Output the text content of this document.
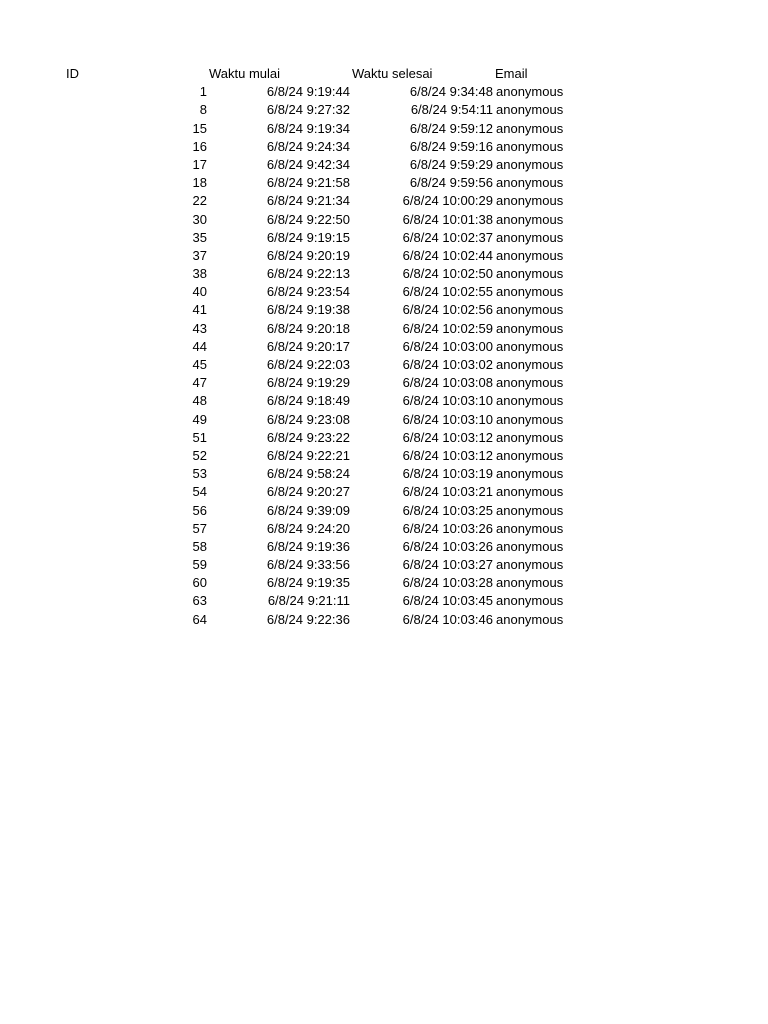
ID	Waktu mulai	Waktu selesai	Email
1	6/8/24 9:19:44	6/8/24 9:34:48 anonymous
8	6/8/24 9:27:32	6/8/24 9:54:11 anonymous
15	6/8/24 9:19:34	6/8/24 9:59:12 anonymous
16	6/8/24 9:24:34	6/8/24 9:59:16 anonymous
17	6/8/24 9:42:34	6/8/24 9:59:29 anonymous
18	6/8/24 9:21:58	6/8/24 9:59:56 anonymous
22	6/8/24 9:21:34	6/8/24 10:00:29 anonymous
30	6/8/24 9:22:50	6/8/24 10:01:38 anonymous
35	6/8/24 9:19:15	6/8/24 10:02:37 anonymous
37	6/8/24 9:20:19	6/8/24 10:02:44 anonymous
38	6/8/24 9:22:13	6/8/24 10:02:50 anonymous
40	6/8/24 9:23:54	6/8/24 10:02:55 anonymous
41	6/8/24 9:19:38	6/8/24 10:02:56 anonymous
43	6/8/24 9:20:18	6/8/24 10:02:59 anonymous
44	6/8/24 9:20:17	6/8/24 10:03:00 anonymous
45	6/8/24 9:22:03	6/8/24 10:03:02 anonymous
47	6/8/24 9:19:29	6/8/24 10:03:08 anonymous
48	6/8/24 9:18:49	6/8/24 10:03:10 anonymous
49	6/8/24 9:23:08	6/8/24 10:03:10 anonymous
51	6/8/24 9:23:22	6/8/24 10:03:12 anonymous
52	6/8/24 9:22:21	6/8/24 10:03:12 anonymous
53	6/8/24 9:58:24	6/8/24 10:03:19 anonymous
54	6/8/24 9:20:27	6/8/24 10:03:21 anonymous
56	6/8/24 9:39:09	6/8/24 10:03:25 anonymous
57	6/8/24 9:24:20	6/8/24 10:03:26 anonymous
58	6/8/24 9:19:36	6/8/24 10:03:26 anonymous
59	6/8/24 9:33:56	6/8/24 10:03:27 anonymous
60	6/8/24 9:19:35	6/8/24 10:03:28 anonymous
63	6/8/24 9:21:11	6/8/24 10:03:45 anonymous
64	6/8/24 9:22:36	6/8/24 10:03:46 anonymous
